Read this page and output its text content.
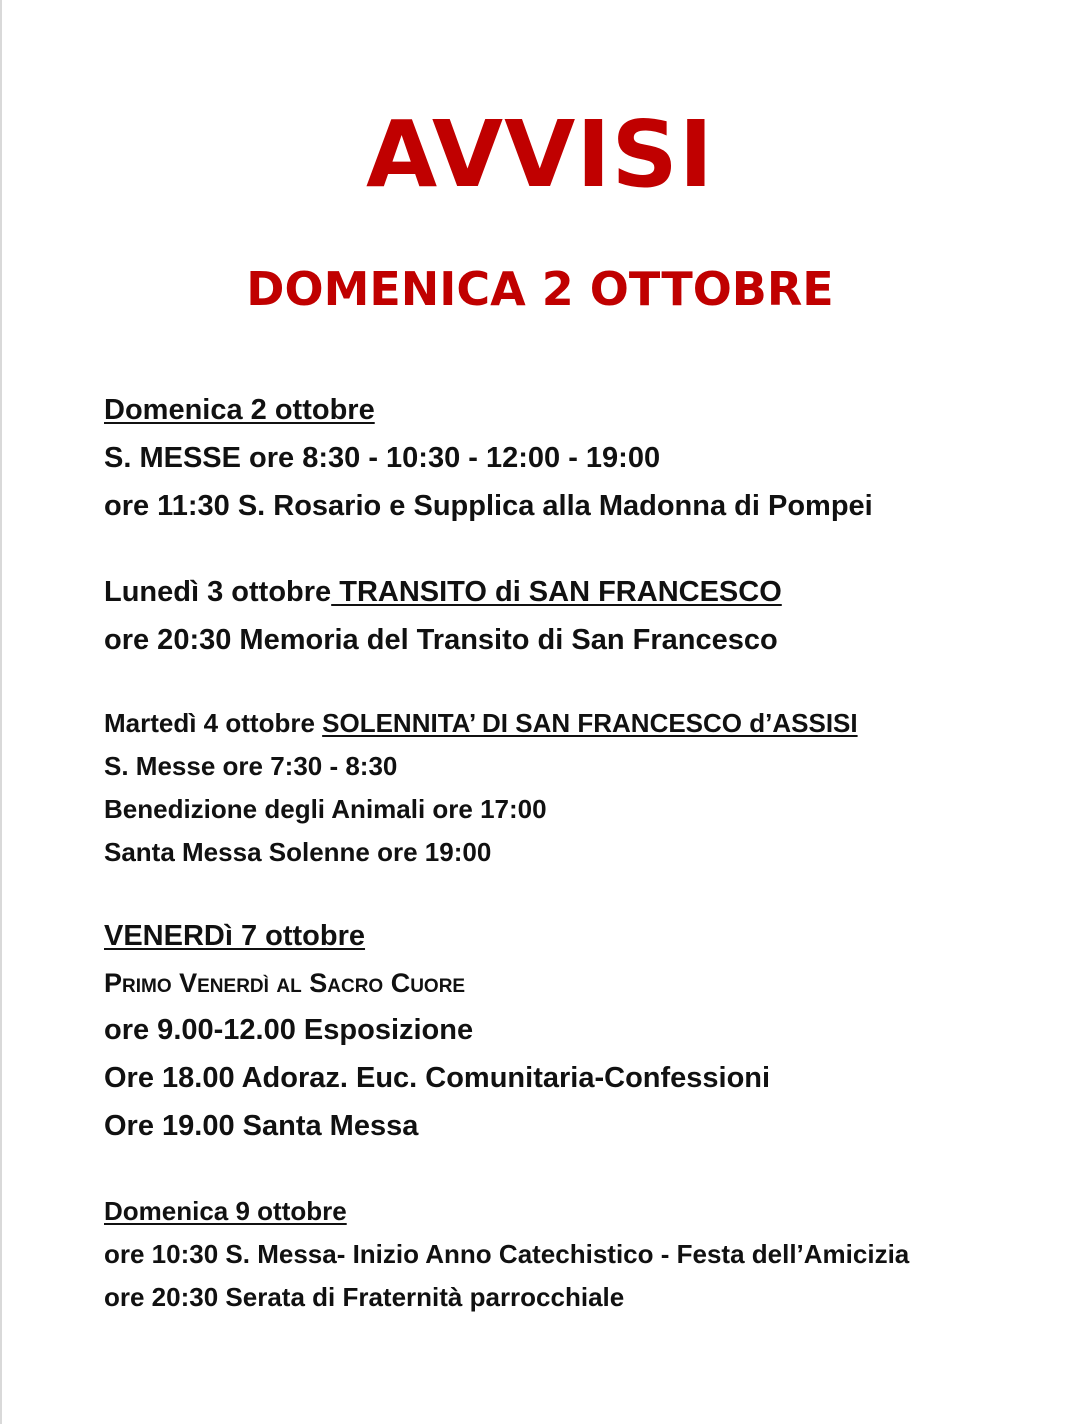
AVVISI
DOMENICA 2 OTTOBRE
Domenica 2 ottobre
S. MESSE ore 8:30 - 10:30 - 12:00 - 19:00
ore 11:30 S. Rosario e Supplica alla Madonna di Pompei
Lunedì 3 ottobre TRANSITO di SAN FRANCESCO
ore 20:30 Memoria del Transito di San Francesco
Martedì 4 ottobre SOLENNITA’ DI SAN FRANCESCO d’ASSISI
S. Messe ore 7:30 - 8:30
Benedizione degli Animali ore 17:00
Santa Messa Solenne ore 19:00
VENERDì 7 ottobre
Primo Venerdì al Sacro Cuore
ore 9.00-12.00 Esposizione
Ore 18.00 Adoraz. Euc. Comunitaria-Confessioni
Ore 19.00 Santa Messa
Domenica 9 ottobre
ore 10:30 S. Messa- Inizio Anno Catechistico - Festa dell’Amicizia
ore 20:30 Serata di Fraternità parrocchiale
